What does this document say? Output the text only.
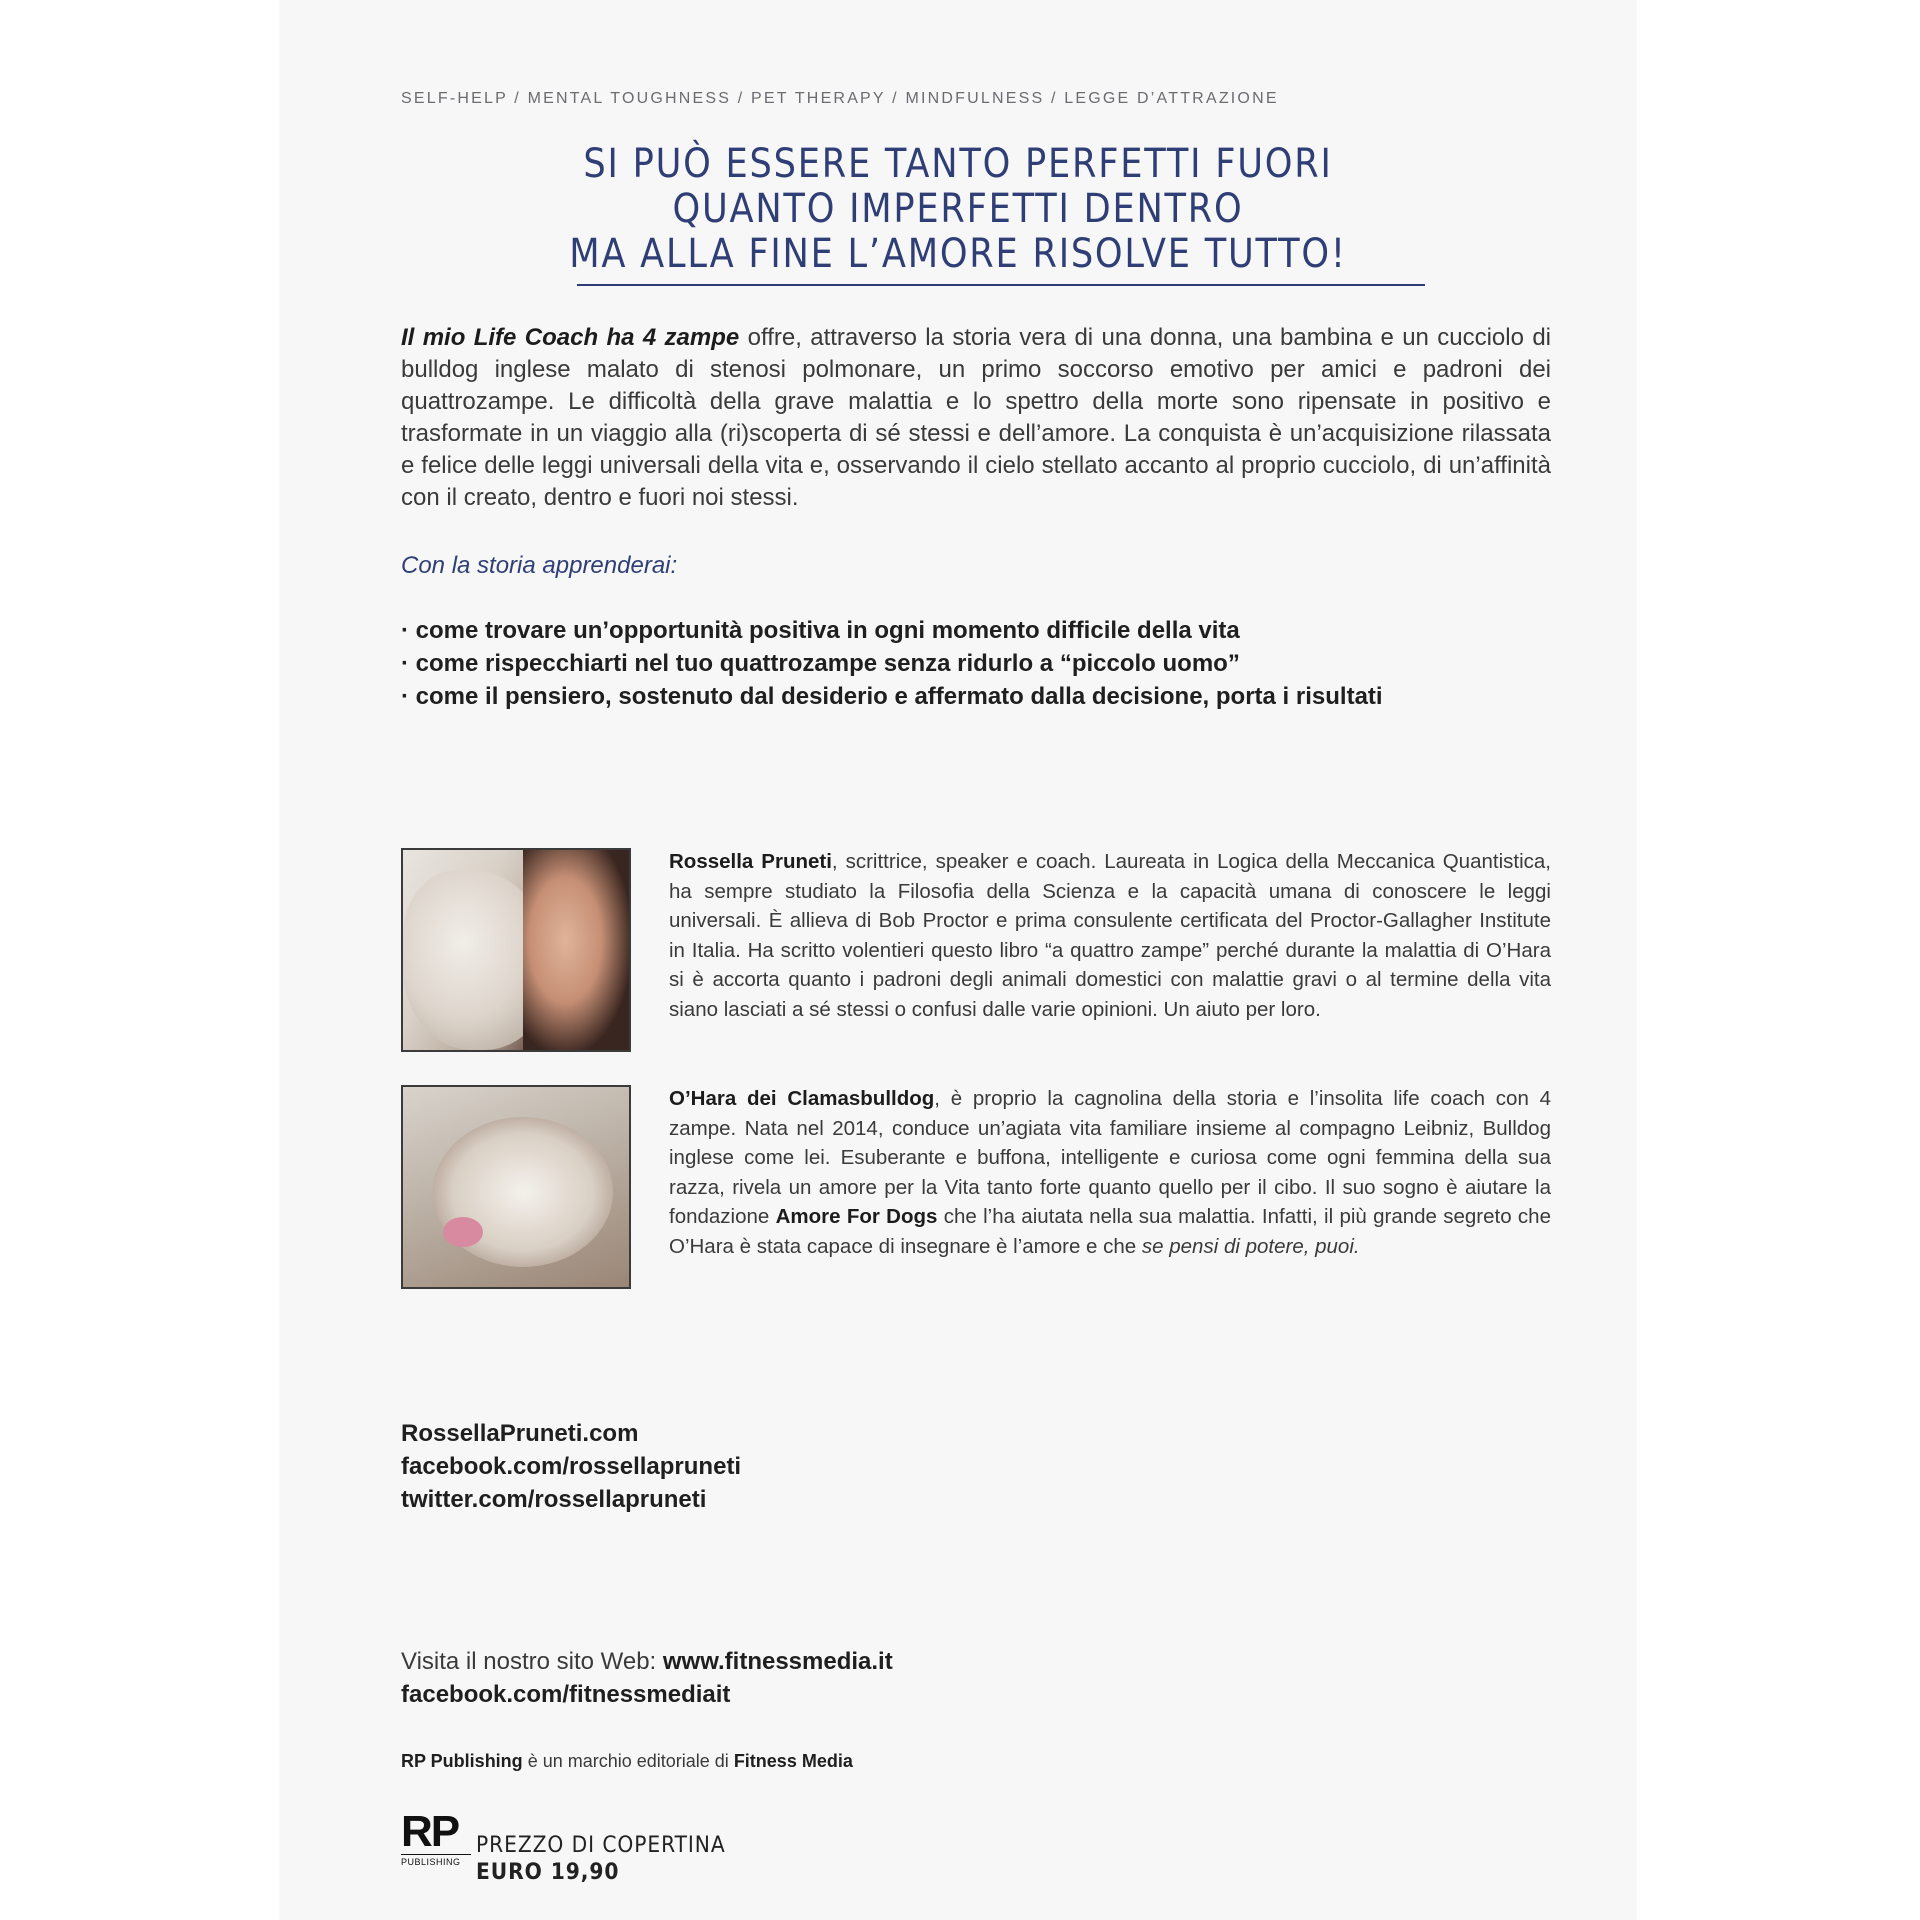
SELF-HELP / MENTAL TOUGHNESS / PET THERAPY / MINDFULNESS / LEGGE D’ATTRAZIONE
SI PUÒ ESSERE TANTO PERFETTI FUORI
QUANTO IMPERFETTI DENTRO
MA ALLA FINE L’AMORE RISOLVE TUTTO!
Il mio Life Coach ha 4 zampe offre, attraverso la storia vera di una donna, una bambina e un cucciolo di bulldog inglese malato di stenosi polmonare, un primo soccorso emotivo per amici e padroni dei quattrozampe. Le difficoltà della grave malattia e lo spettro della morte sono ripensate in positivo e trasformate in un viaggio alla (ri)scoperta di sé stessi e dell’amore. La conquista è un’acquisizione rilassata e felice delle leggi universali della vita e, osservando il cielo stellato accanto al proprio cucciolo, di un’affinità con il creato, dentro e fuori noi stessi.
Con la storia apprenderai:
· come trovare un’opportunità positiva in ogni momento difficile della vita
· come rispecchiarti nel tuo quattrozampe senza ridurlo a “piccolo uomo”
· come il pensiero, sostenuto dal desiderio e affermato dalla decisione, porta i risultati
Rossella Pruneti, scrittrice, speaker e coach. Laureata in Logica della Meccanica Quantistica, ha sempre studiato la Filosofia della Scienza e la capacità umana di conoscere le leggi universali. È allieva di Bob Proctor e prima consulente certificata del Proctor-Gallagher Institute in Italia. Ha scritto volentieri questo libro “a quattro zampe” perché durante la malattia di O’Hara si è accorta quanto i padroni degli animali domestici con malattie gravi o al termine della vita siano lasciati a sé stessi o confusi dalle varie opinioni. Un aiuto per loro.
O’Hara dei Clamasbulldog, è proprio la cagnolina della storia e l’insolita life coach con 4 zampe. Nata nel 2014, conduce un’agiata vita familiare insieme al compagno Leibniz, Bulldog inglese come lei. Esuberante e buffona, intelligente e curiosa come ogni femmina della sua razza, rivela un amore per la Vita tanto forte quanto quello per il cibo. Il suo sogno è aiutare la fondazione Amore For Dogs che l’ha aiutata nella sua malattia. Infatti, il più grande segreto che O’Hara è stata capace di insegnare è l’amore e che se pensi di potere, puoi.
RossellaPruneti.com
facebook.com/rossellapruneti
twitter.com/rossellapruneti
Visita il nostro sito Web: www.fitnessmedia.it
facebook.com/fitnessmediait
RP Publishing è un marchio editoriale di Fitness Media
RP
PUBLISHING
PREZZO DI COPERTINA
EURO 19,90
